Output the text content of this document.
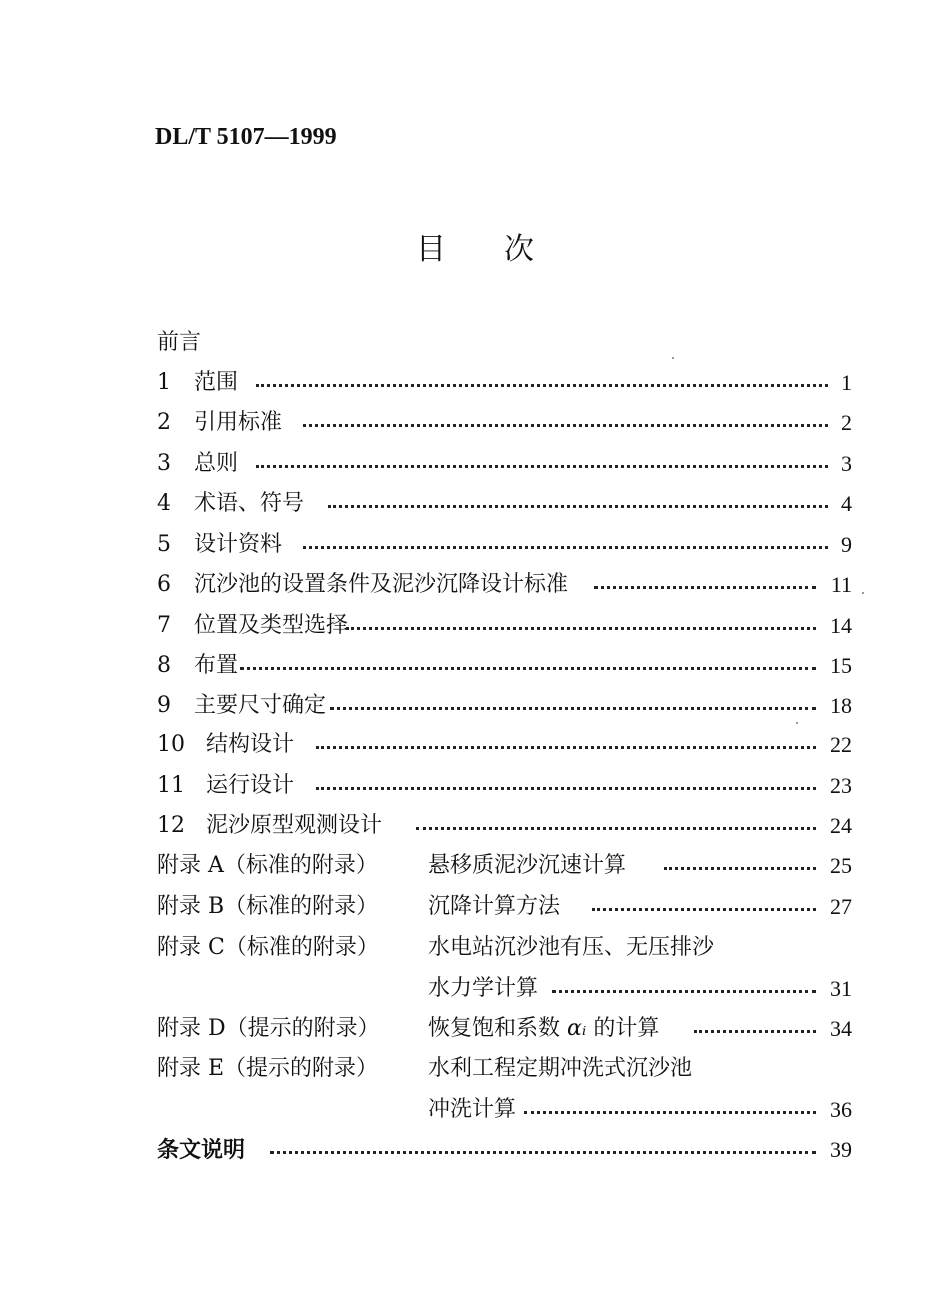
DL/T 5107—1999
目次
前言
1 范围	1
2 引用标准	2
3 总则	3
4 术语、符号	4
5 设计资料	9
6 沉沙池的设置条件及泥沙沉降设计标准	11
7 位置及类型选择	14
8 布置	15
9 主要尺寸确定	18
10 结构设计	22
11 运行设计	23
12 泥沙原型观测设计	24
附录 A（标准的附录） 悬移质泥沙沉速计算	25
附录 B（标准的附录） 沉降计算方法	27
附录 C（标准的附录） 水电站沉沙池有压、无压排沙
水力学计算	31
附录 D（提示的附录） 恢复饱和系数 αᵢ 的计算	34
附录 E（提示的附录） 水利工程定期冲洗式沉沙池
冲洗计算	36
条文说明	39
